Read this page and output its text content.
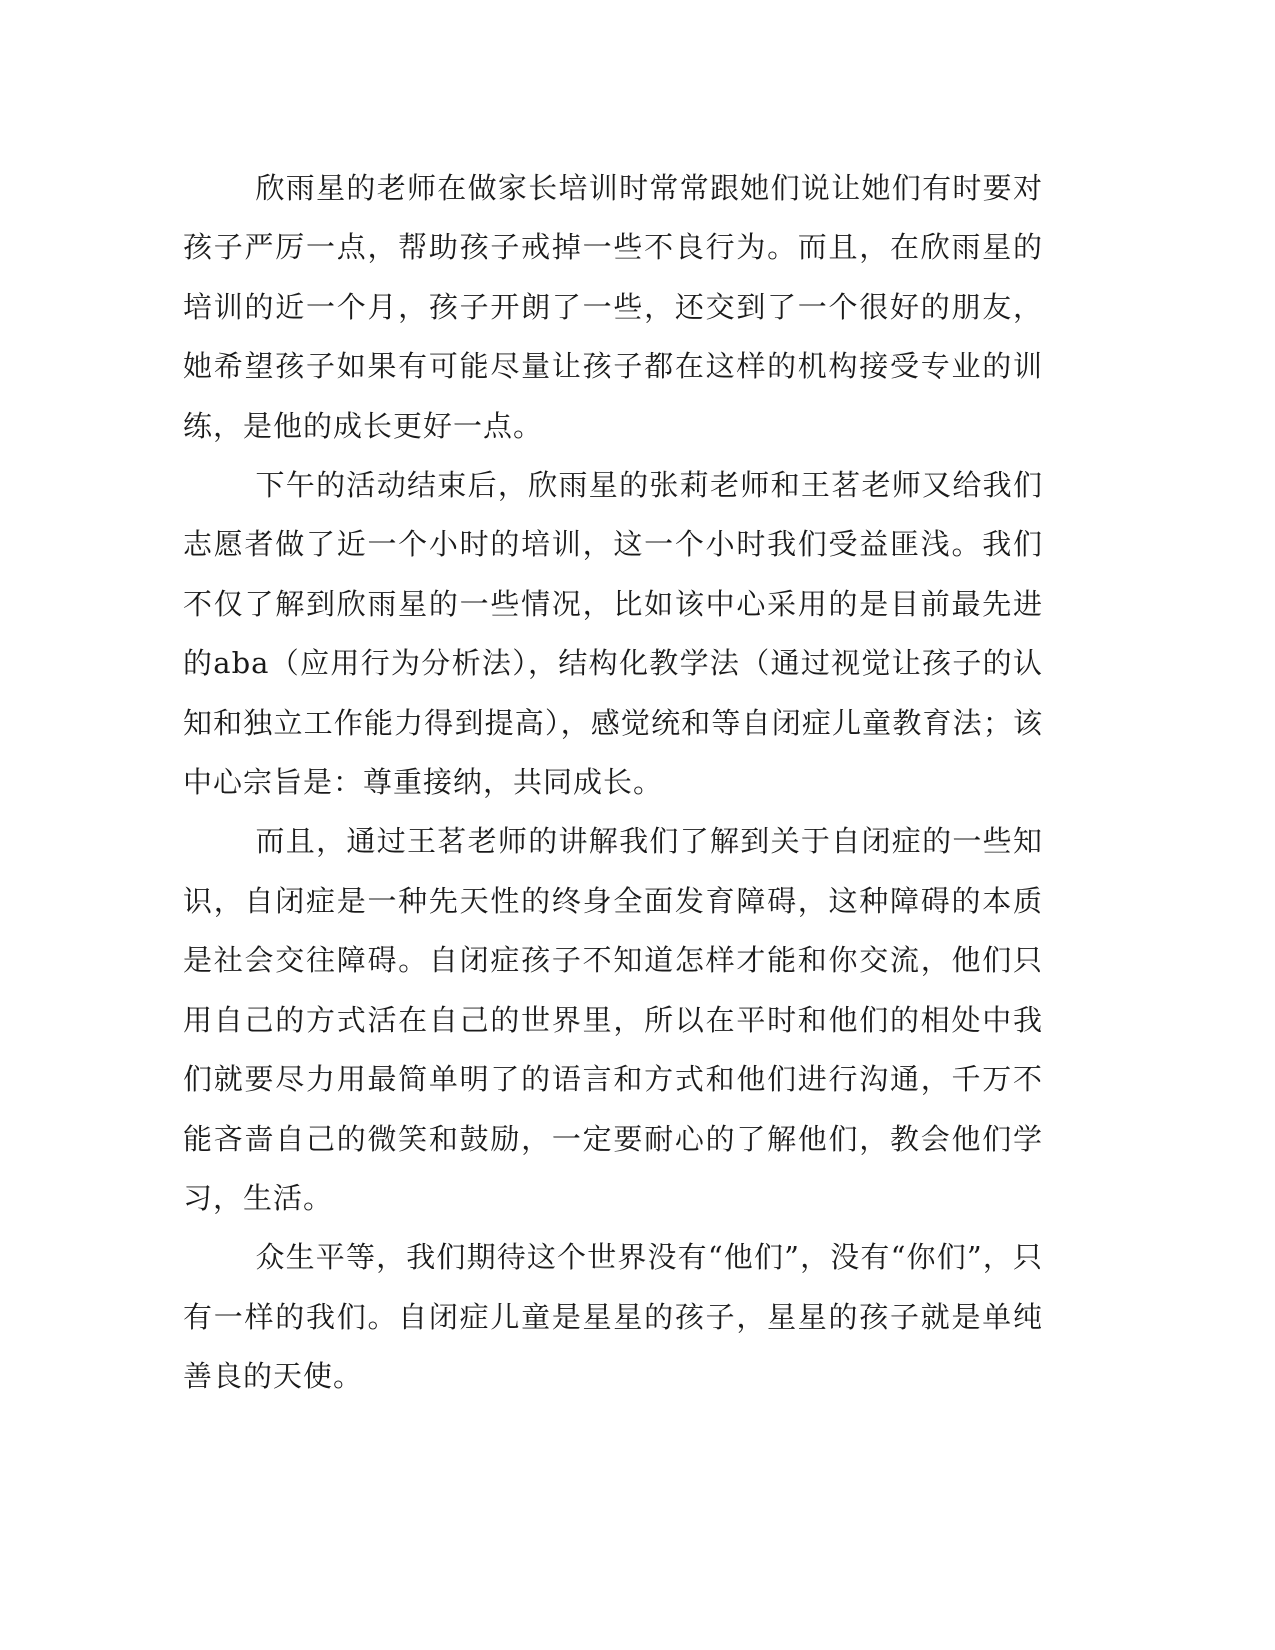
欣雨星的老师在做家长培训时常常跟她们说让她们有时要对孩子严厉一点，帮助孩子戒掉一些不良行为。而且，在欣雨星的培训的近一个月，孩子开朗了一些，还交到了一个很好的朋友，她希望孩子如果有可能尽量让孩子都在这样的机构接受专业的训练，是他的成长更好一点。

下午的活动结束后，欣雨星的张莉老师和王茗老师又给我们志愿者做了近一个小时的培训，这一个小时我们受益匪浅。我们不仅了解到欣雨星的一些情况，比如该中心采用的是目前最先进的aba（应用行为分析法），结构化教学法（通过视觉让孩子的认知和独立工作能力得到提高），感觉统和等自闭症儿童教育法；该中心宗旨是：尊重接纳，共同成长。

而且，通过王茗老师的讲解我们了解到关于自闭症的一些知识，自闭症是一种先天性的终身全面发育障碍，这种障碍的本质是社会交往障碍。自闭症孩子不知道怎样才能和你交流，他们只用自己的方式活在自己的世界里，所以在平时和他们的相处中我们就要尽力用最简单明了的语言和方式和他们进行沟通，千万不能吝啬自己的微笑和鼓励，一定要耐心的了解他们，教会他们学习，生活。

众生平等，我们期待这个世界没有“他们”，没有“你们”，只有一样的我们。自闭症儿童是星星的孩子，星星的孩子就是单纯善良的天使。
